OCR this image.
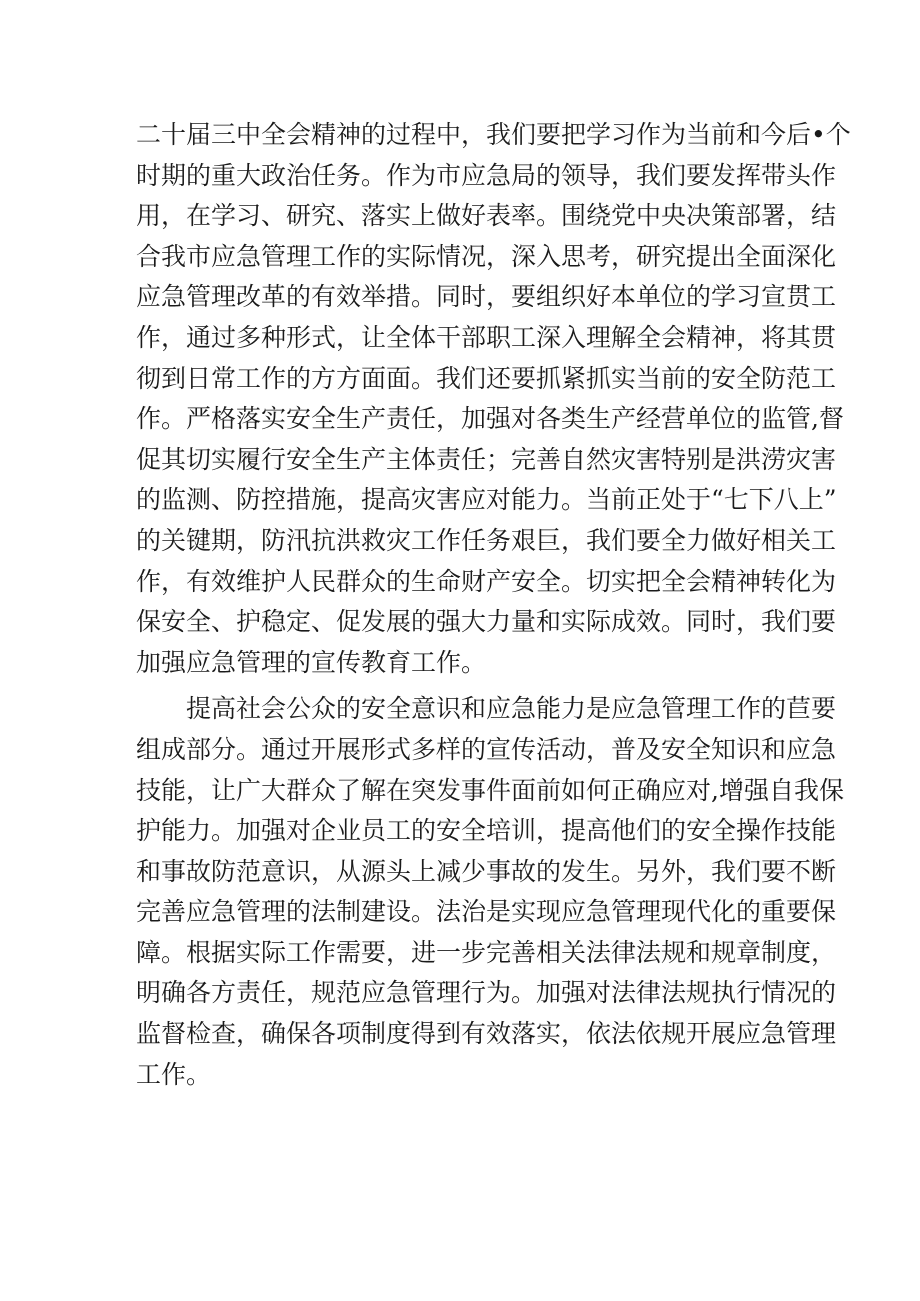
二十届三中全会精神的过程中，我们要把学习作为当前和今后•个
时期的重大政治任务。作为市应急局的领导，我们要发挥带头作
用，在学习、研究、落实上做好表率。围绕党中央决策部署，结
合我市应急管理工作的实际情况，深入思考，研究提出全面深化
应急管理改革的有效举措。同时，要组织好本单位的学习宣贯工
作，通过多种形式，让全体干部职工深入理解全会精神，将其贯
彻到日常工作的方方面面。我们还要抓紧抓实当前的安全防范工
作。严格落实安全生产责任，加强对各类生产经营单位的监管,督
促其切实履行安全生产主体责任；完善自然灾害特别是洪涝灾害
的监测、防控措施，提高灾害应对能力。当前正处于“七下八上”
的关键期，防汛抗洪救灾工作任务艰巨，我们要全力做好相关工
作，有效维护人民群众的生命财产安全。切实把全会精神转化为
保安全、护稳定、促发展的强大力量和实际成效。同时，我们要
加强应急管理的宣传教育工作。
提高社会公众的安全意识和应急能力是应急管理工作的苣要
组成部分。通过开展形式多样的宣传活动，普及安全知识和应急
技能，让广大群众了解在突发事件面前如何正确应对,增强自我保
护能力。加强对企业员工的安全培训，提高他们的安全操作技能
和事故防范意识，从源头上减少事故的发生。另外，我们要不断
完善应急管理的法制建设。法治是实现应急管理现代化的重要保
障。根据实际工作需要，进一步完善相关法律法规和规章制度，
明确各方责任，规范应急管理行为。加强对法律法规执行情况的
监督检查，确保各项制度得到有效落实，依法依规开展应急管理
工作。
